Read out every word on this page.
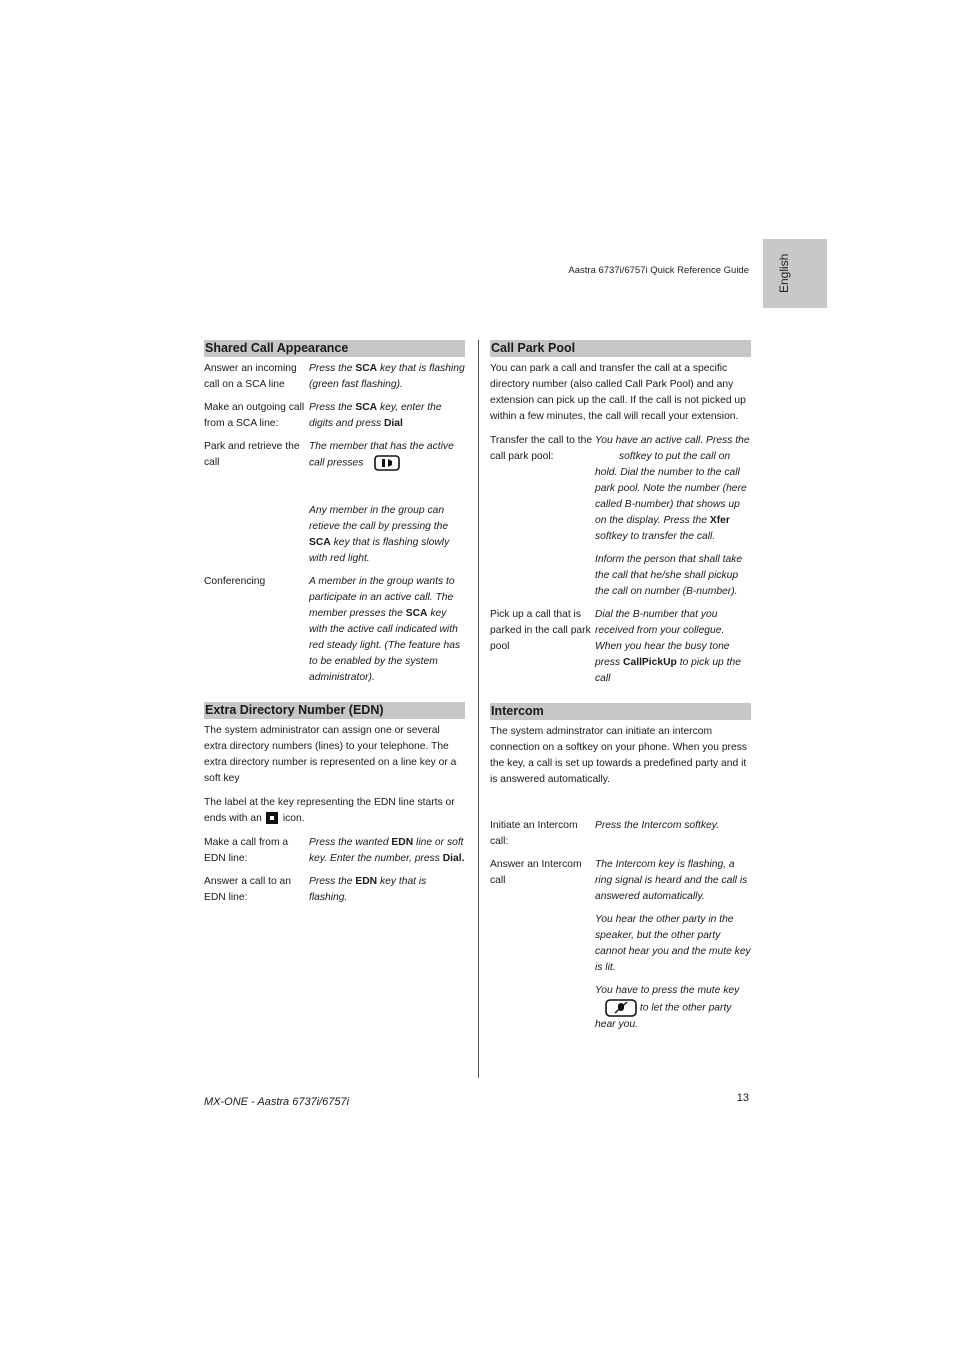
English
Aastra 6737i/6757i Quick Reference Guide
Shared Call Appearance
Answer an incoming call on a SCA line
Press the SCA key that is flashing (green fast flashing).
Make an outgoing call from a SCA line:
Press the SCA key, enter the digits and press Dial
Park and retrieve the call
The member that has the active call presses
Any member in the group can retieve the call by pressing the SCA key that is flashing slowly with red light.
Conferencing	A member in the group wants to participate in an active call. The member presses the SCA key with the active call indicated with red steady light. (The feature has to be enabled by the system administrator).
Extra Directory Number (EDN)

The system administrator can assign one or several extra directory numbers (lines) to your telephone. The extra directory number is represented on a line key or a soft key

The label at the key representing the EDN line starts or ends with an icon.

Make a call from a EDN line:
Press the wanted EDN line or soft key. Enter the number, press Dial.
Answer a call to an EDN line:
Press the EDN key that is flashing.
Call Park Pool

You can park a call and transfer the call at a specific directory number (also called Call Park Pool) and any extension can pick up the call. If the call is not picked up within a few minutes, the call will recall your extension.

Transfer the call to the call park pool:
You have an active call. Press the
softkey to put the call on hold. Dial the number to the call park pool. Note the number (here called B-number) that shows up on the display. Press the Xfer softkey to transfer the call.
Inform the person that shall take the call that he/she shall pickup the call on number (B-number).
Pick up a call that is parked in the call park pool
Dial the B-number that you received from your collegue. When you hear the busy tone press CallPickUp to pick up the call
Intercom

The system adminstrator can initiate an intercom connection on a softkey on your phone. When you press the key, a call is set up towards a predefined party and it is answered automatically.

Initiate an Intercom call:
Press the Intercom softkey.
Answer an Intercom call
The Intercom key is flashing, a ring signal is heard and the call is answered automatically.
You hear the other party in the speaker, but the other party cannot hear you and the mute key is lit.
You have to press the mute key
to let the other party hear you.
MX-ONE - Aastra 6737i/6757i	13
